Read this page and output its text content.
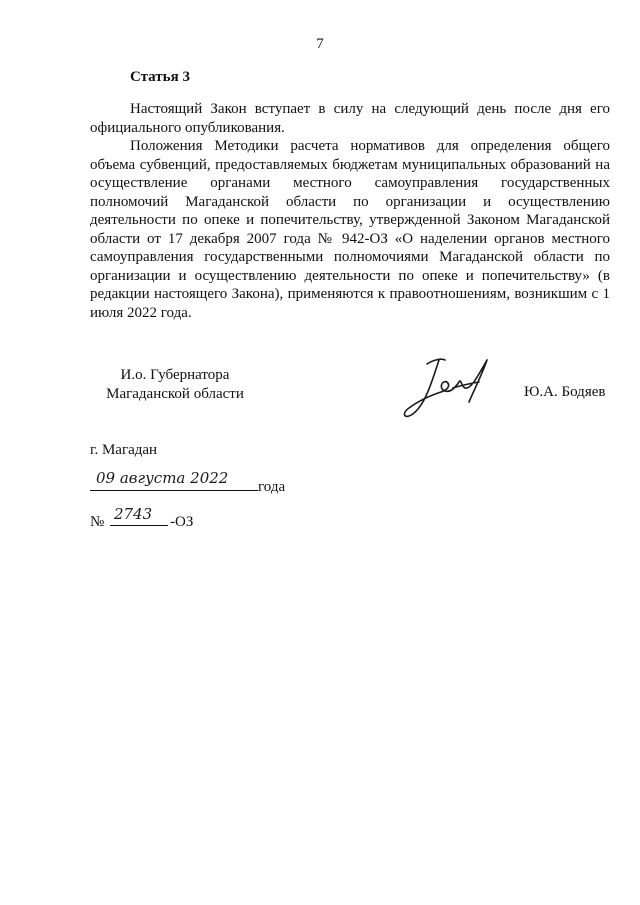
7
Статья 3

Настоящий Закон вступает в силу на следующий день после дня его официального опубликования.

Положения Методики расчета нормативов для определения общего объема субвенций, предоставляемых бюджетам муниципальных образований на осуществление органами местного самоуправления государственных полномочий Магаданской области по организации и осуществлению деятельности по опеке и попечительству, утвержденной Законом Магаданской области от 17 декабря 2007 года № 942-ОЗ «О наделении органов местного самоуправления государственными полномочиями Магаданской области по организации и осуществлению деятельности по опеке и попечительству» (в редакции настоящего Закона), применяются к правоотношениям, возникшим с 1 июля 2022 года.

И.о. Губернатора
Магаданской области	Ю.А. Бодяев
г. Магадан
09 августа 2022 года
№ 2743 -ОЗ
